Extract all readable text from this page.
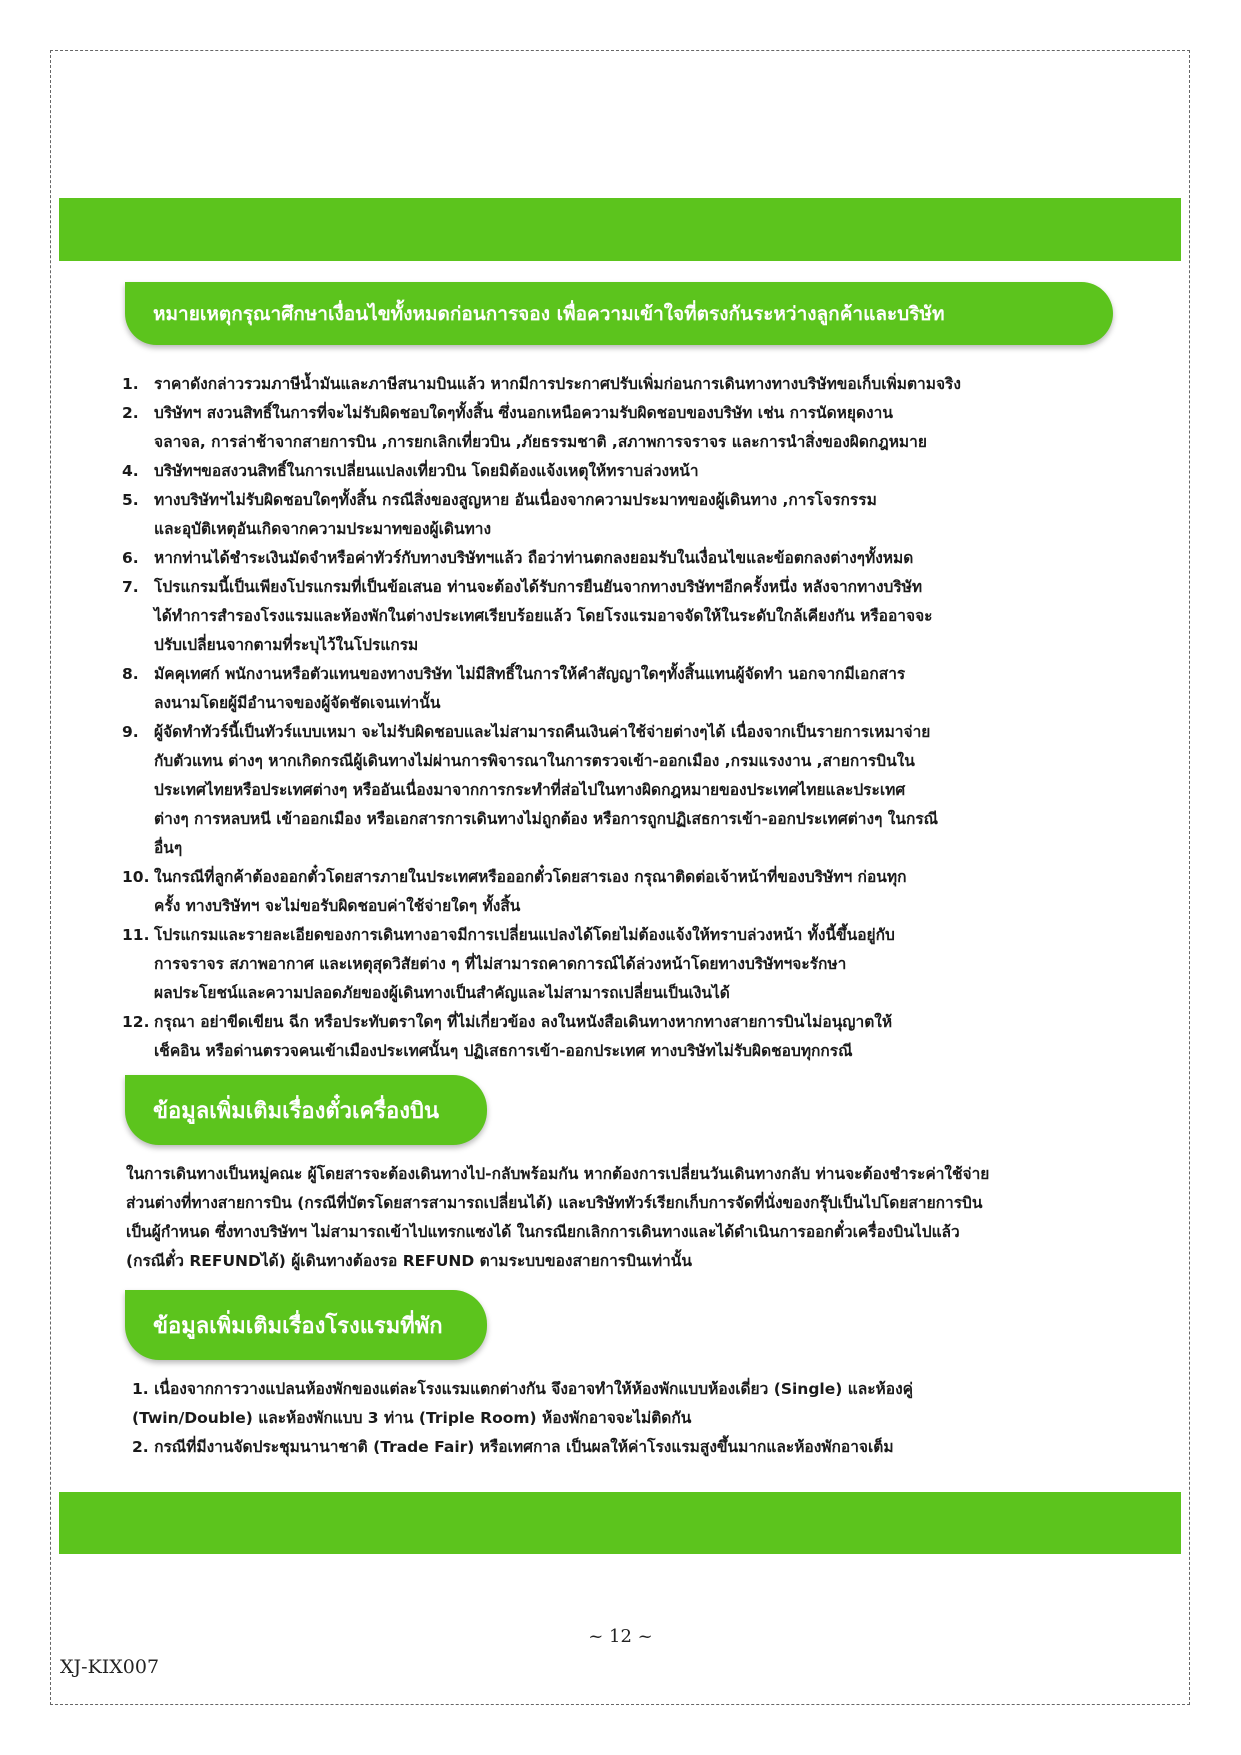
หมายเหตุกรุณาศึกษาเงื่อนไขทั้งหมดก่อนการจอง เพื่อความเข้าใจที่ตรงกันระหว่างลูกค้าและบริษัท
1. ราคาดังกล่าวรวมภาษีน้ำมันและภาษีสนามบินแล้ว หากมีการประกาศปรับเพิ่มก่อนการเดินทางทางบริษัทขอเก็บเพิ่มตามจริง
2. บริษัทฯ สงวนสิทธิ์ในการที่จะไม่รับผิดชอบใดๆทั้งสิ้น ซึ่งนอกเหนือความรับผิดชอบของบริษัท เช่น การนัดหยุดงาน
จลาจล, การล่าช้าจากสายการบิน ,การยกเลิกเที่ยวบิน ,ภัยธรรมชาติ ,สภาพการจราจร และการนำสิ่งของผิดกฎหมาย
4. บริษัทฯขอสงวนสิทธิ์ในการเปลี่ยนแปลงเที่ยวบิน โดยมิต้องแจ้งเหตุให้ทราบล่วงหน้า
5. ทางบริษัทฯไม่รับผิดชอบใดๆทั้งสิ้น กรณีสิ่งของสูญหาย อันเนื่องจากความประมาทของผู้เดินทาง ,การโจรกรรม
และอุบัติเหตุอันเกิดจากความประมาทของผู้เดินทาง
6. หากท่านได้ชำระเงินมัดจำหรือค่าทัวร์กับทางบริษัทฯแล้ว ถือว่าท่านตกลงยอมรับในเงื่อนไขและข้อตกลงต่างๆทั้งหมด
7. โปรแกรมนี้เป็นเพียงโปรแกรมที่เป็นข้อเสนอ ท่านจะต้องได้รับการยืนยันจากทางบริษัทฯอีกครั้งหนึ่ง หลังจากทางบริษัท
ได้ทำการสำรองโรงแรมและห้องพักในต่างประเทศเรียบร้อยแล้ว โดยโรงแรมอาจจัดให้ในระดับใกล้เคียงกัน หรืออาจจะ
ปรับเปลี่ยนจากตามที่ระบุไว้ในโปรแกรม
8. มัคคุเทศก์ พนักงานหรือตัวแทนของทางบริษัท ไม่มีสิทธิ์ในการให้คำสัญญาใดๆทั้งสิ้นแทนผู้จัดทำ นอกจากมีเอกสาร
ลงนามโดยผู้มีอำนาจของผู้จัดชัดเจนเท่านั้น
9. ผู้จัดทำทัวร์นี้เป็นทัวร์แบบเหมา จะไม่รับผิดชอบและไม่สามารถคืนเงินค่าใช้จ่ายต่างๆได้ เนื่องจากเป็นรายการเหมาจ่าย
กับตัวแทน ต่างๆ หากเกิดกรณีผู้เดินทางไม่ผ่านการพิจารณาในการตรวจเข้า-ออกเมือง ,กรมแรงงาน ,สายการบินใน
ประเทศไทยหรือประเทศต่างๆ หรืออันเนื่องมาจากการกระทำที่ส่อไปในทางผิดกฎหมายของประเทศไทยและประเทศ
ต่างๆ การหลบหนี เข้าออกเมือง หรือเอกสารการเดินทางไม่ถูกต้อง หรือการถูกปฏิเสธการเข้า-ออกประเทศต่างๆ ในกรณี
อื่นๆ
10. ในกรณีที่ลูกค้าต้องออกตั๋วโดยสารภายในประเทศหรือออกตั๋วโดยสารเอง กรุณาติดต่อเจ้าหน้าที่ของบริษัทฯ ก่อนทุก
ครั้ง ทางบริษัทฯ จะไม่ขอรับผิดชอบค่าใช้จ่ายใดๆ ทั้งสิ้น
11. โปรแกรมและรายละเอียดของการเดินทางอาจมีการเปลี่ยนแปลงได้โดยไม่ต้องแจ้งให้ทราบล่วงหน้า ทั้งนี้ขึ้นอยู่กับ
การจราจร สภาพอากาศ และเหตุสุดวิสัยต่าง ๆ ที่ไม่สามารถคาดการณ์ได้ล่วงหน้าโดยทางบริษัทฯจะรักษา
ผลประโยชน์และความปลอดภัยของผู้เดินทางเป็นสำคัญและไม่สามารถเปลี่ยนเป็นเงินได้
12. กรุณา อย่าขีดเขียน ฉีก หรือประทับตราใดๆ ที่ไม่เกี่ยวข้อง ลงในหนังสือเดินทางหากทางสายการบินไม่อนุญาตให้
เช็คอิน หรือด่านตรวจคนเข้าเมืองประเทศนั้นๆ ปฏิเสธการเข้า-ออกประเทศ ทางบริษัทไม่รับผิดชอบทุกกรณี
ข้อมูลเพิ่มเติมเรื่องตั๋วเครื่องบิน
ในการเดินทางเป็นหมู่คณะ ผู้โดยสารจะต้องเดินทางไป-กลับพร้อมกัน หากต้องการเปลี่ยนวันเดินทางกลับ ท่านจะต้องชำระค่าใช้จ่าย
ส่วนต่างที่ทางสายการบิน (กรณีที่บัตรโดยสารสามารถเปลี่ยนได้) และบริษัททัวร์เรียกเก็บการจัดที่นั่งของกรุ๊ปเป็นไปโดยสายการบิน
เป็นผู้กำหนด ซึ่งทางบริษัทฯ ไม่สามารถเข้าไปแทรกแซงได้ ในกรณียกเลิกการเดินทางและได้ดำเนินการออกตั๋วเครื่องบินไปแล้ว
(กรณีตั๋ว REFUNDได้) ผู้เดินทางต้องรอ REFUND ตามระบบของสายการบินเท่านั้น
ข้อมูลเพิ่มเติมเรื่องโรงแรมที่พัก
1. เนื่องจากการวางแปลนห้องพักของแต่ละโรงแรมแตกต่างกัน จึงอาจทำให้ห้องพักแบบห้องเดี่ยว (Single) และห้องคู่
(Twin/Double) และห้องพักแบบ 3 ท่าน (Triple Room) ห้องพักอาจจะไม่ติดกัน
2. กรณีที่มีงานจัดประชุมนานาชาติ (Trade Fair) หรือเทศกาล เป็นผลให้ค่าโรงแรมสูงขึ้นมากและห้องพักอาจเต็ม
~ 12 ~
XJ-KIX007
